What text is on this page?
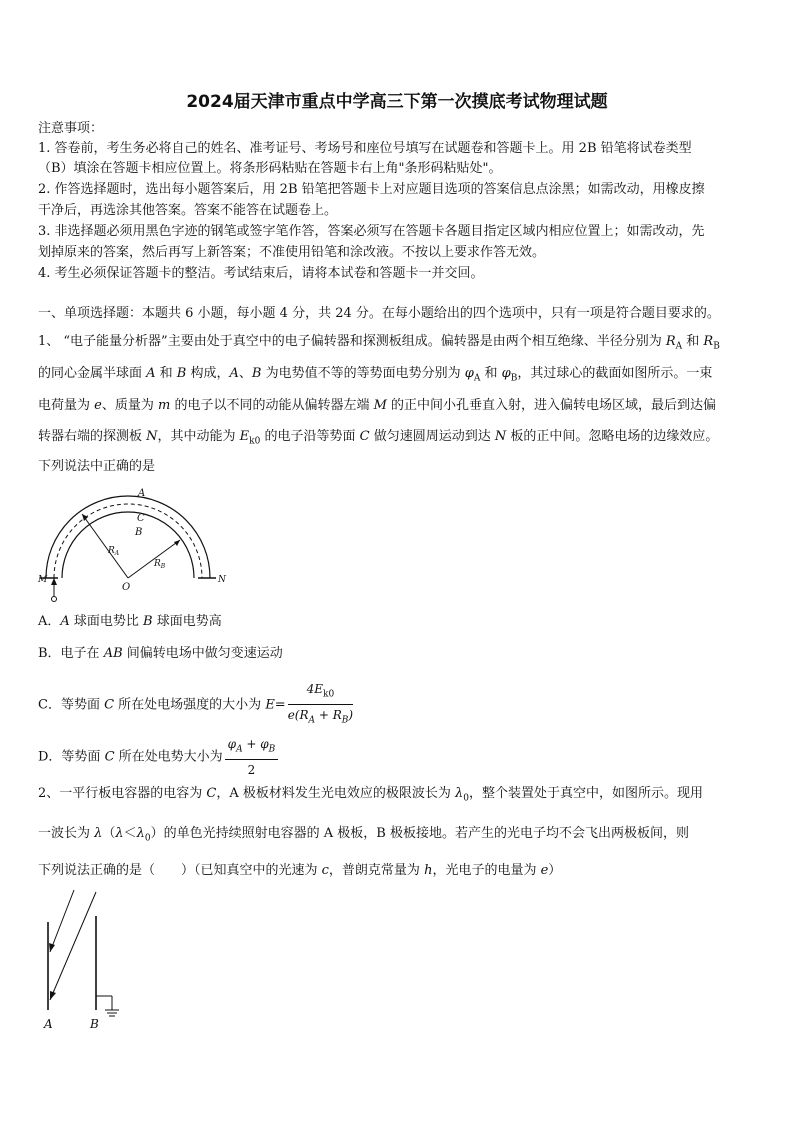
2024届天津市重点中学高三下第一次摸底考试物理试题
注意事项：
1. 答卷前，考生务必将自己的姓名、准考证号、考场号和座位号填写在试题卷和答题卡上。用 2B 铅笔将试卷类型
（B）填涂在答题卡相应位置上。将条形码粘贴在答题卡右上角"条形码粘贴处"。
2. 作答选择题时，选出每小题答案后，用 2B 铅笔把答题卡上对应题目选项的答案信息点涂黑；如需改动，用橡皮擦
干净后，再选涂其他答案。答案不能答在试题卷上。
3. 非选择题必须用黑色字迹的钢笔或签字笔作答，答案必须写在答题卡各题目指定区域内相应位置上；如需改动，先
划掉原来的答案，然后再写上新答案；不准使用铅笔和涂改液。不按以上要求作答无效。
4. 考生必须保证答题卡的整洁。考试结束后，请将本试卷和答题卡一并交回。
一、单项选择题：本题共 6 小题，每小题 4 分，共 24 分。在每小题给出的四个选项中，只有一项是符合题目要求的。
1、 “电子能量分析器”主要由处于真空中的电子偏转器和探测板组成。偏转器是由两个相互绝缘、半径分别为 $R_A$ 和 $R_B$
的同心金属半球面 A 和 B 构成，A、B 为电势值不等的等势面电势分别为 $\varphi_A$ 和 $\varphi_B$，其过球心的截面如图所示。一束
电荷量为 e、质量为 m 的电子以不同的动能从偏转器左端 M 的正中间小孔垂直入射，进入偏转电场区域，最后到达偏
转器右端的探测板 N，其中动能为 $E_{k0}$ 的电子沿等势面 C 做匀速圆周运动到达 N 板的正中间。忽略电场的边缘效应。
下列说法中正确的是
A
C
B
$R_A$
$R_B$
O
M	N
A．A 球面电势比 B 球面电势高
B．电子在 AB 间偏转电场中做匀变速运动
C．等势面 C 所在处电场强度的大小为 $E= \frac{4E_{k0}}{e(R_A + R_B)}$
D．等势面 C 所在处电势大小为 $\frac{\varphi_A + \varphi_B}{2}$
2、一平行板电容器的电容为 C，A 极板材料发生光电效应的极限波长为 $\lambda_0$，整个装置处于真空中，如图所示。现用
一波长为 $\lambda(\lambda<\lambda_0)$的单色光持续照射电容器的 A 极板，B 极板接地。若产生的光电子均不会飞出两极板间，则
下列说法正确的是（　　）（已知真空中的光速为 c，普朗克常量为 h，光电子的电量为 e）
A	B
